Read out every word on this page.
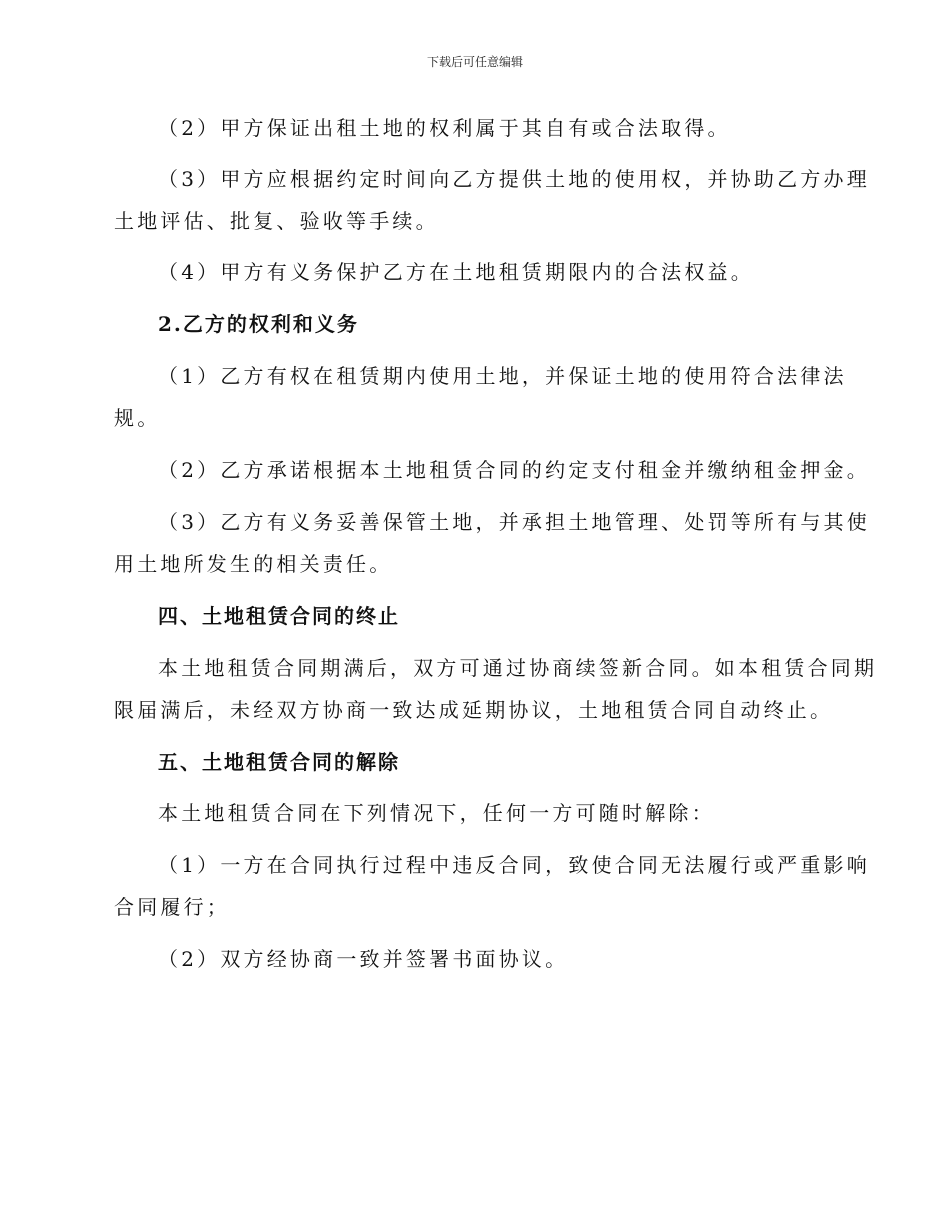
下载后可任意编辑
（2）甲方保证出租土地的权利属于其自有或合法取得。
（3）甲方应根据约定时间向乙方提供土地的使用权，并协助乙方办理
土地评估、批复、验收等手续。
（4）甲方有义务保护乙方在土地租赁期限内的合法权益。
2.乙方的权利和义务
（1）乙方有权在租赁期内使用土地，并保证土地的使用符合法律法
规。
（2）乙方承诺根据本土地租赁合同的约定支付租金并缴纳租金押金。
（3）乙方有义务妥善保管土地，并承担土地管理、处罚等所有与其使
用土地所发生的相关责任。
四、土地租赁合同的终止
本土地租赁合同期满后，双方可通过协商续签新合同。如本租赁合同期
限届满后，未经双方协商一致达成延期协议，土地租赁合同自动终止。
五、土地租赁合同的解除
本土地租赁合同在下列情况下，任何一方可随时解除：
（1）一方在合同执行过程中违反合同，致使合同无法履行或严重影响
合同履行；
（2）双方经协商一致并签署书面协议。
